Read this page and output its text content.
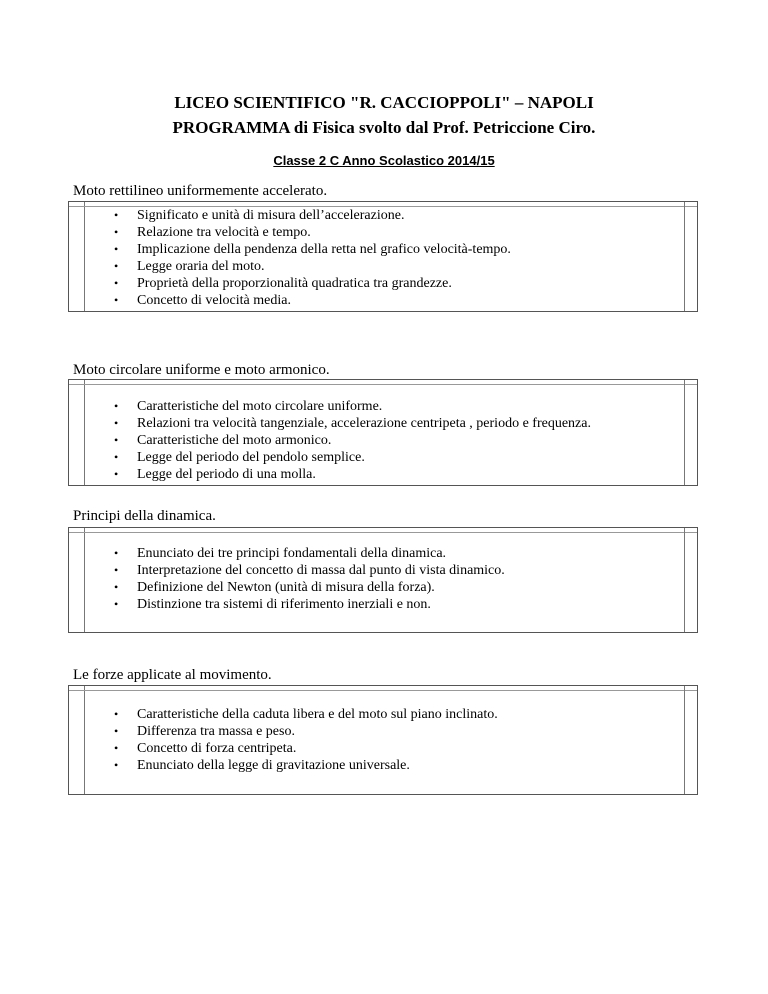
LICEO SCIENTIFICO "R. CACCIOPPOLI" – NAPOLI
PROGRAMMA di Fisica svolto dal Prof. Petriccione Ciro.
Classe 2 C Anno Scolastico 2014/15

Moto rettilineo uniformemente accelerato.

• Significato e unità di misura dell’accelerazione.
• Relazione tra velocità e tempo.
• Implicazione della pendenza della retta nel grafico velocità-tempo.
• Legge oraria del moto.
• Proprietà della proporzionalità quadratica tra grandezze.
• Concetto di velocità media.

Moto circolare uniforme e moto armonico.

• Caratteristiche del moto circolare uniforme.
• Relazioni tra velocità tangenziale, accelerazione centripeta , periodo e frequenza.
• Caratteristiche del moto armonico.
• Legge del periodo del pendolo semplice.
• Legge del periodo di una molla.

Principi della dinamica.

• Enunciato dei tre principi fondamentali della dinamica.
• Interpretazione del concetto di massa dal punto di vista dinamico.
• Definizione del Newton (unità di misura della forza).
• Distinzione tra sistemi di riferimento inerziali e non.

Le forze applicate al movimento.

• Caratteristiche della caduta libera e del moto sul piano inclinato.
• Differenza tra massa e peso.
• Concetto di forza centripeta.
• Enunciato della legge di gravitazione universale.
